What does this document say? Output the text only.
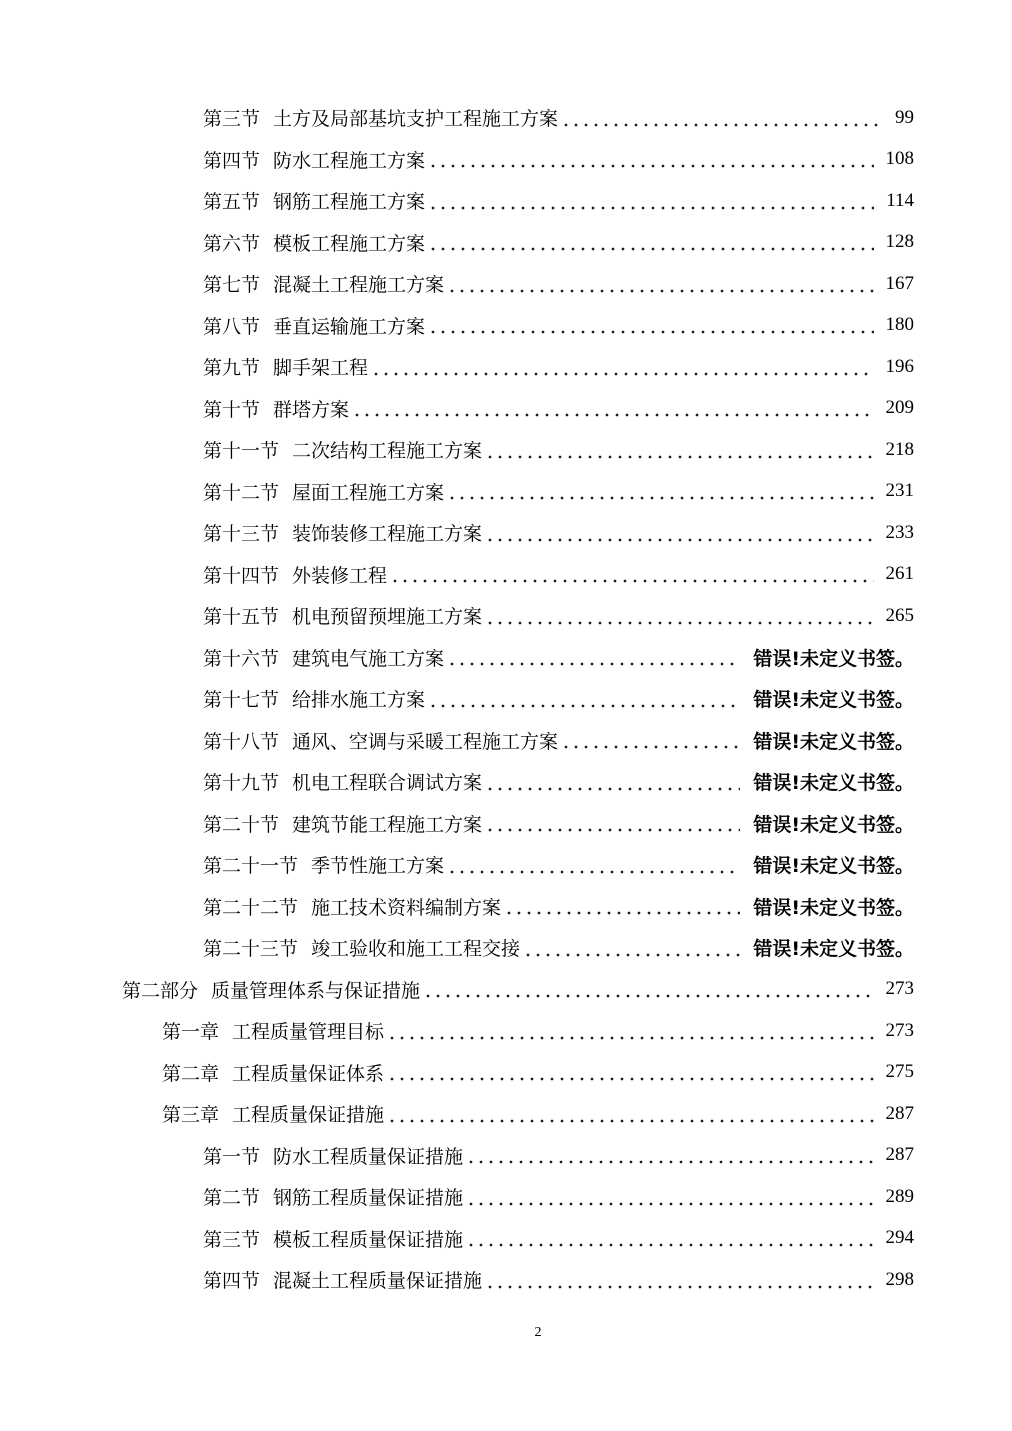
第三节 土方及局部基坑支护工程施工方案	99
第四节 防水工程施工方案	108
第五节 钢筋工程施工方案	114
第六节 模板工程施工方案	128
第七节 混凝土工程施工方案	167
第八节 垂直运输施工方案	180
第九节 脚手架工程	196
第十节 群塔方案	209
第十一节 二次结构工程施工方案	218
第十二节 屋面工程施工方案	231
第十三节 装饰装修工程施工方案	233
第十四节 外装修工程	261
第十五节 机电预留预埋施工方案	265
第十六节 建筑电气施工方案	错误!未定义书签。
第十七节 给排水施工方案	错误!未定义书签。
第十八节 通风、空调与采暖工程施工方案	错误!未定义书签。
第十九节 机电工程联合调试方案	错误!未定义书签。
第二十节 建筑节能工程施工方案	错误!未定义书签。
第二十一节 季节性施工方案	错误!未定义书签。
第二十二节 施工技术资料编制方案	错误!未定义书签。
第二十三节 竣工验收和施工工程交接	错误!未定义书签。
第二部分 质量管理体系与保证措施	273
第一章 工程质量管理目标	273
第二章 工程质量保证体系	275
第三章 工程质量保证措施	287
第一节 防水工程质量保证措施	287
第二节 钢筋工程质量保证措施	289
第三节 模板工程质量保证措施	294
第四节 混凝土工程质量保证措施	298
2
